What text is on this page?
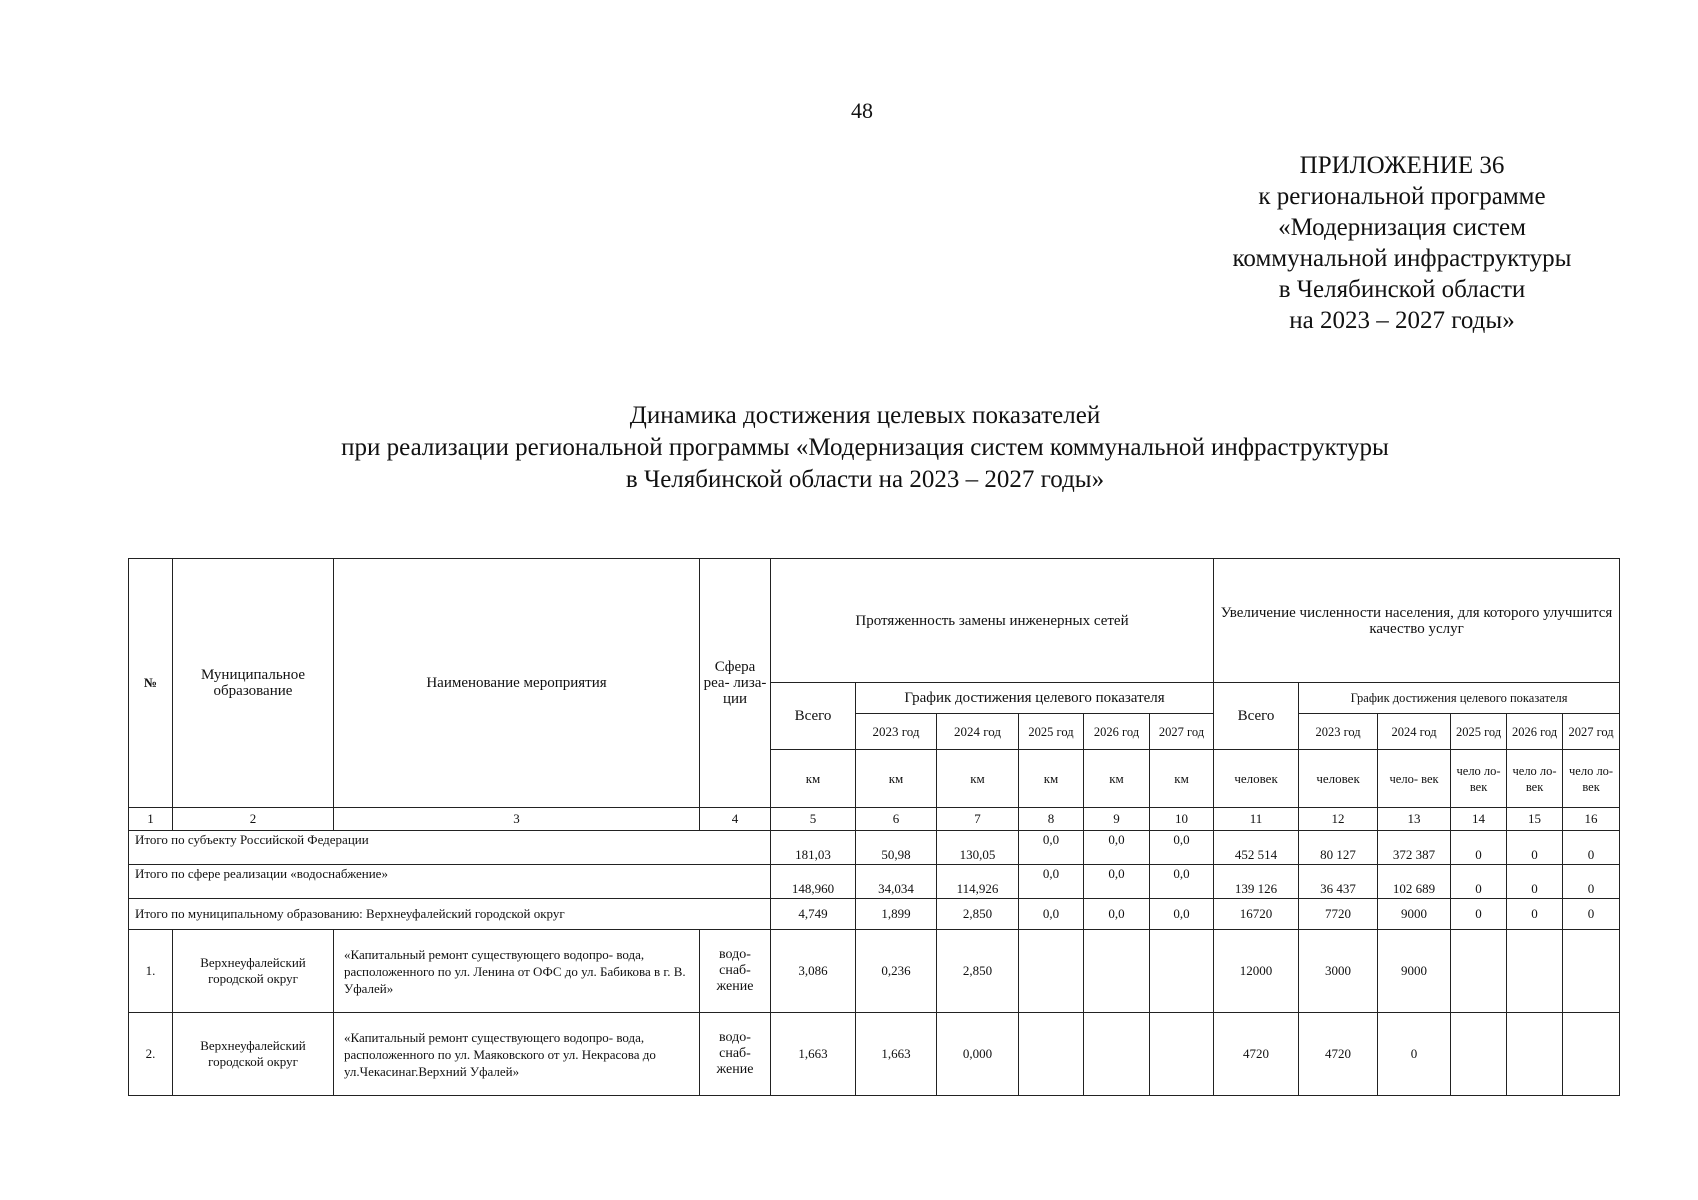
48
ПРИЛОЖЕНИЕ 36
к региональной программе
«Модернизация систем
коммунальной инфраструктуры
в Челябинской области
на 2023 – 2027 годы»
Динамика достижения целевых показателей
при реализации региональной программы «Модернизация систем коммунальной инфраструктуры
в Челябинской области на 2023 – 2027 годы»
№	Муниципальное образование	Наименование мероприятия	Сфера реа- лиза- ции	Протяженность замены инженерных сетей						Увеличение численности населения, для которого улучшится качество услуг					
				Всего	График достижения целевого показателя					Всего	График достижения целевого показателя				
					2023 год	2024 год	2025 год	2026 год	2027 год		2023 год	2024 год	2025 год	2026 год	2027 год
				км	км	км	км	км	км	человек	человек	чело- век	чело ло- век	чело ло- век	чело ло- век
1	2	3	4	5	6	7	8	9	10	11	12	13	14	15	16
Итого по субъекту Российской Федерации				181,03	50,98	130,05	0,0	0,0	0,0	452 514	80 127	372 387	0	0	0
Итого по сфере реализации «водоснабжение»				148,960	34,034	114,926	0,0	0,0	0,0	139 126	36 437	102 689	0	0	0
Итого по муниципальному образованию: Верхнеуфалейский городской округ				4,749	1,899	2,850	0,0	0,0	0,0	16720	7720	9000	0	0	0
1.	Верхнеуфалейский городской округ	«Капитальный ремонт существующего водопро- вода, расположенного по ул. Ленина от ОФС до ул. Бабикова в г. В. Уфалей»	водо- снаб- жение	3,086	0,236	2,850				12000	3000	9000			
2.	Верхнеуфалейский городской округ	«Капитальный ремонт существующего водопро- вода, расположенного по ул. Маяковского от ул. Некрасова до ул.Чекасинаг.Верхний Уфалей»	водо- снаб- жение	1,663	1,663	0,000				4720	4720	0			
